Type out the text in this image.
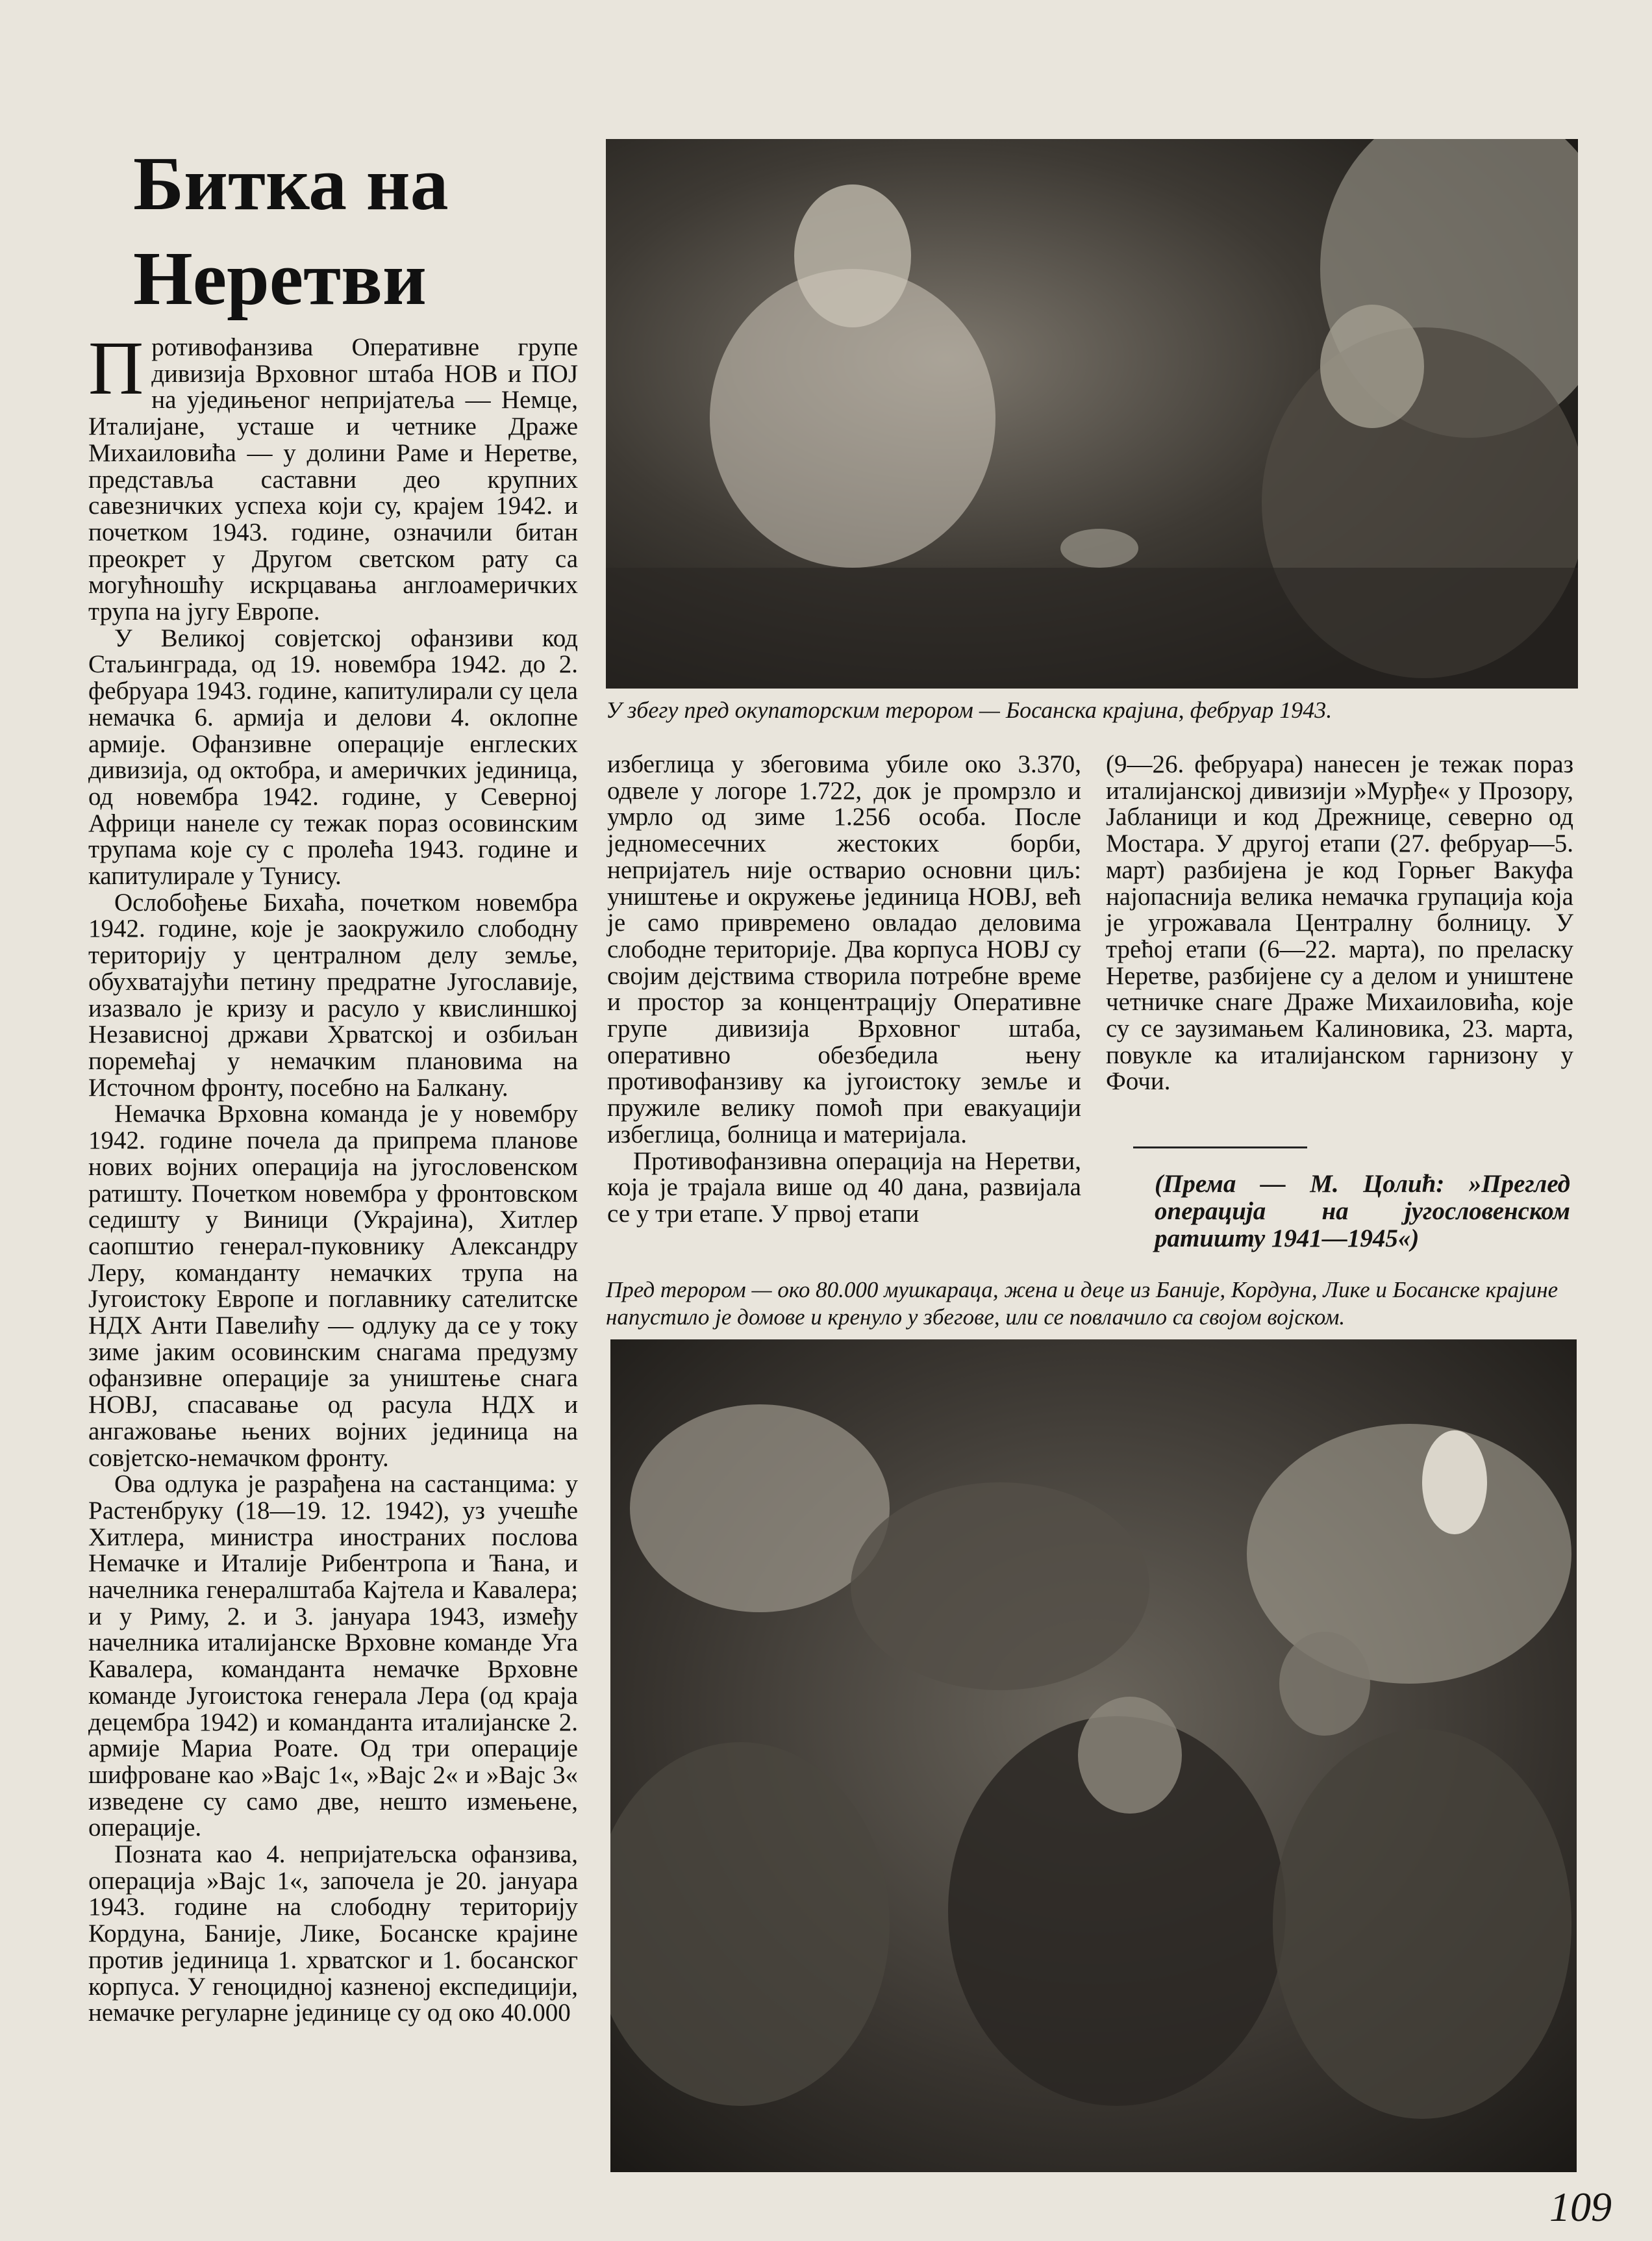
Битка на
Неретви

У збегу пред окупаторским терором — Босанска крајина, фебруар 1943.

Противофанзива Оперативне групе дивизија Врховног штаба НОВ и ПОЈ на уједињеног непријатеља — Немце, Италијане, усташе и четнике Драже Михаиловића — у долини Раме и Неретве, представља саставни део крупних савезничких успеха који су, крајем 1942. и почетком 1943. године, означили битан преокрет у Другом светском рату са могућношћу искрцавања англоамеричких трупа на југу Европе.

У Великој совјетској офанзиви код Стаљинграда, од 19. новембра 1942. до 2. фебруара 1943. године, капитулирали су цела немачка 6. армија и делови 4. оклопне армије. Офанзивне операције енглеских дивизија, од октобра, и америчких јединица, од новембра 1942. године, у Северној Африци нанеле су тежак пораз осовинским трупама које су с пролећа 1943. године и капитулирале у Тунису.

Ослобођење Бихаћа, почетком новембра 1942. године, које је заокружило слободну територију у централном делу земље, обухватајући петину предратне Југославије, изазвало је кризу и расуло у квислиншкој Независној држави Хрватској и озбиљан поремећај у немачким плановима на Источном фронту, посебно на Балкану.

Немачка Врховна команда је у новембру 1942. године почела да припрема планове нових војних операција на југословенском ратишту. Почетком новембра у фронтовском седишту у Виници (Украјина), Хитлер саопштио генерал-пуковнику Александру Леру, команданту немачких трупа на Југоистоку Европе и поглавнику сателитске НДХ Анти Павелићу — одлуку да се у току зиме јаким осовинским снагама предузму офанзивне операције за уништење снага НОВЈ, спасавање од расула НДХ и ангажовање њених војних јединица на совјетско-немачком фронту.

Ова одлука је разрађена на састанцима: у Растенбруку (18—19. 12. 1942), уз учешће Хитлера, министра иностраних послова Немачке и Италије Рибентропа и Ћана, и начелника генералштаба Кајтела и Кавалера; и у Риму, 2. и 3. јануара 1943, између начелника италијанске Врховне команде Уга Кавалера, команданта немачке Врховне команде Југоистока генерала Лера (од краја децембра 1942) и команданта италијанске 2. армије Мариа Роате. Од три операције шифроване као »Вајс 1«, »Вајс 2« и »Вајс 3« изведене су само две, нешто измењене, операције.

Позната као 4. непријатељска офанзива, операција »Вајс 1«, започела је 20. јануара 1943. године на слободну територију Кордуна, Баније, Лике, Босанске крајине против јединица 1. хрватског и 1. босанског корпуса. У геноцидној казненој експедицији, немачке регуларне јединице су од око 40.000

избеглица у збеговима убиле око 3.370, одвеле у логоре 1.722, док је промрзло и умрло од зиме 1.256 особа. После једномесечних жестоких борби, непријатељ није остварио основни циљ: уништење и окружење јединица НОВЈ, већ је само привремено овладао деловима слободне територије. Два корпуса НОВЈ су својим дејствима створила потребне време и простор за концентрацију Оперативне групе дивизија Врховног штаба, оперативно обезбедила њену противофанзиву ка југоистоку земље и пружиле велику помоћ при евакуацији избеглица, болница и материјала.

Противофанзивна операција на Неретви, која је трајала више од 40 дана, развијала се у три етапе. У првој етапи

(9—26. фебруара) нанесен је тежак пораз италијанској дивизији »Мурђе« у Прозору, Јабланици и код Дрежнице, северно од Мостара. У другој етапи (27. фебруар—5. март) разбијена је код Горњег Вакуфа најопаснија велика немачка групација која је угрожавала Централну болницу. У трећој етапи (6—22. марта), по преласку Неретве, разбијене су а делом и уништене четничке снаге Драже Михаиловића, које су се заузимањем Калиновика, 23. марта, повукле ка италијанском гарнизону у Фочи.

(Према — М. Цолић: »Преглед операција на југословенском ратишту 1941—1945«)

Пред терором — око 80.000 мушкараца, жена и деце из Баније, Кордуна, Лике и Босанске крајине напустило је домове и кренуло у збегове, или се повлачило са својом војском.

109
